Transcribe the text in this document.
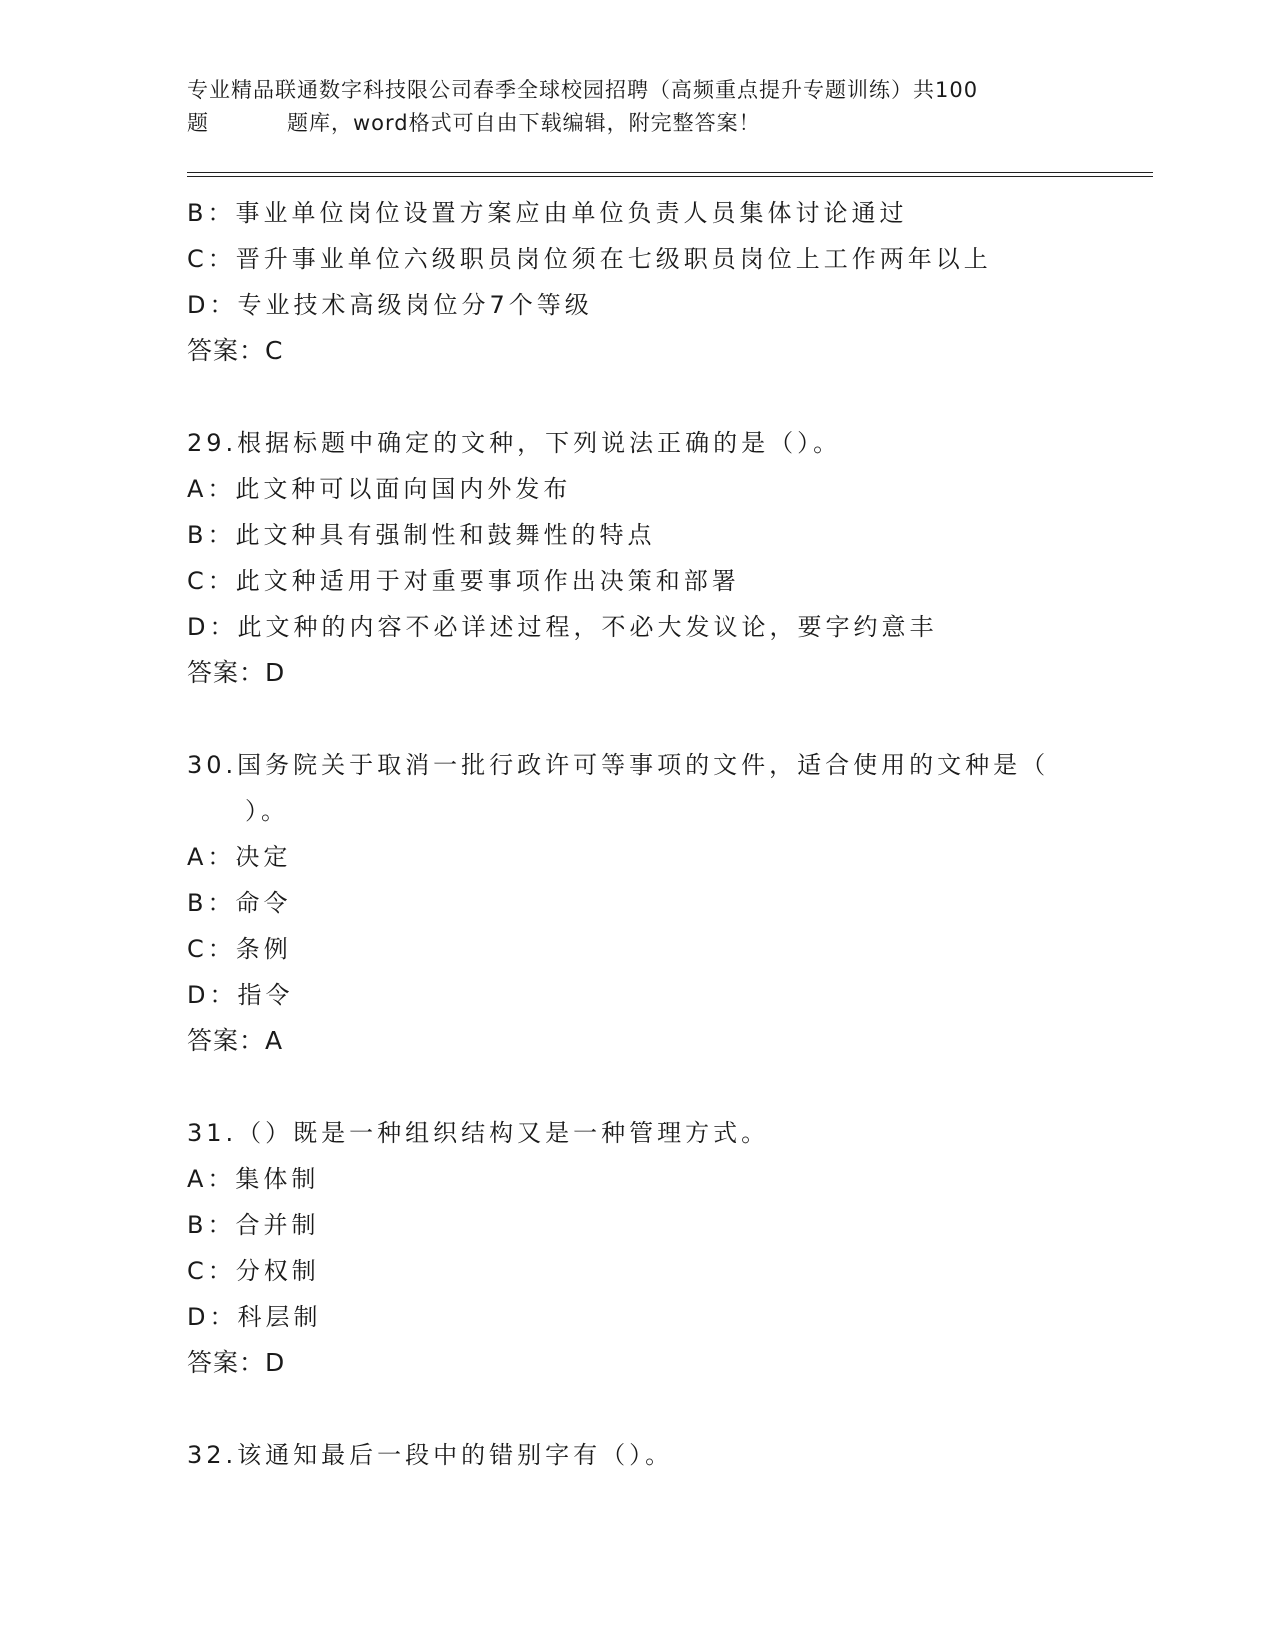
专业精品联通数字科技限公司春季全球校园招聘（高频重点提升专题训练）共100
题	题库，word格式可自由下载编辑，附完整答案！
B：事业单位岗位设置方案应由单位负责人员集体讨论通过
C：晋升事业单位六级职员岗位须在七级职员岗位上工作两年以上
D：专业技术高级岗位分7个等级
答案：C
29.根据标题中确定的文种，下列说法正确的是（）。
A：此文种可以面向国内外发布
B：此文种具有强制性和鼓舞性的特点
C：此文种适用于对重要事项作出决策和部署
D：此文种的内容不必详述过程，不必大发议论，要字约意丰
答案：D
30.国务院关于取消一批行政许可等事项的文件，适合使用的文种是（
）。
A：决定
B：命令
C：条例
D：指令
答案：A
31.（）既是一种组织结构又是一种管理方式。
A：集体制
B：合并制
C：分权制
D：科层制
答案：D
32.该通知最后一段中的错别字有（）。
